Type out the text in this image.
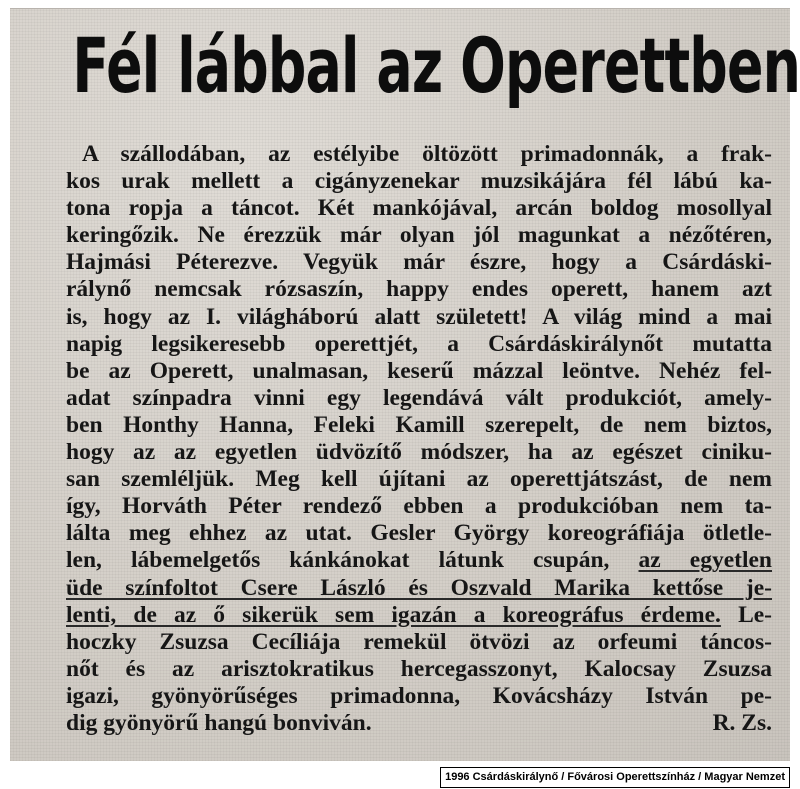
Fél lábbal az Operettben
A szállodában, az estélyibe öltözött primadonnák, a frak-
kos urak mellett a cigányzenekar muzsikájára fél lábú ka-
tona ropja a táncot. Két mankójával, arcán boldog mosollyal
keringőzik. Ne érezzük már olyan jól magunkat a nézőtéren,
Hajmási Péterezve. Vegyük már észre, hogy a Csárdáski-
rálynő nemcsak rózsaszín, happy endes operett, hanem azt
is, hogy az I. világháború alatt született! A világ mind a mai
napig legsikeresebb operettjét, a Csárdáskirálynőt mutatta
be az Operett, unalmasan, keserű mázzal leöntve. Nehéz fel-
adat színpadra vinni egy legendává vált produkciót, amely-
ben Honthy Hanna, Feleki Kamill szerepelt, de nem biztos,
hogy az az egyetlen üdvözítő módszer, ha az egészet ciniku-
san szemléljük. Meg kell újítani az operettjátszást, de nem
így, Horváth Péter rendező ebben a produkcióban nem ta-
lálta meg ehhez az utat. Gesler György koreográfiája ötletle-
len, lábemelgetős kánkánokat látunk csupán, az egyetlen
üde színfoltot Csere László és Oszvald Marika kettőse je-
lenti, de az ő sikerük sem igazán a koreográfus érdeme. Le-
hoczky Zsuzsa Cecíliája remekül ötvözi az orfeumi táncos-
nőt és az arisztokratikus hercegasszonyt, Kalocsay Zsuzsa
igazi, gyönyörűséges primadonna, Kovácsházy István pe-
dig gyönyörű hangú bonviván.	R. Zs.
1996 Csárdáskirálynő / Fővárosi Operettszínház / Magyar Nemzet
